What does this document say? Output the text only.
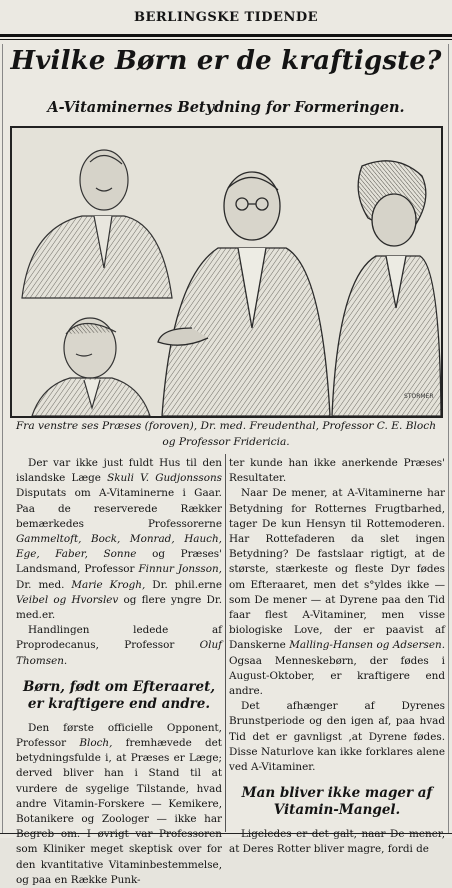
BERLINGSKE TIDENDE
Hvilke Børn er de kraftigste?
A-Vitaminernes Betydning for Formeringen.
STORMER
Fra venstre ses Præses (foroven), Dr. med. Freudenthal, Professor C. E. Bloch
og Professor Fridericia.

Der var ikke just fuldt Hus til den islandske Læge Skuli V. Gudjonssons Disputats om A-Vitaminerne i Gaar. Paa de reserverede Rækker bemærkedes Professorerne Gammeltoft, Bock, Monrad, Hauch, Ege, Faber, Sonne og Præses' Landsmand, Professor Finnur Jonsson, Dr. med. Marie Krogh, Dr. phil.erne Veibel og Hvorslev og flere yngre Dr. med.er.

Handlingen ledede af Proprodecanus, Professor Oluf Thomsen.

Børn, født om Efteraaret, er kraftigere end andre.

Den første officielle Opponent, Professor Bloch, fremhævede det betydningsfulde i, at Præses er Læge; derved bliver han i Stand til at vurdere de sygelige Tilstande, hvad andre Vitamin-Forskere — Kemikere, Botanikere og Zoologer — ikke har Begreb om. I øvrigt var Professoren som Kliniker meget skeptisk over for den kvantitative Vitaminbestemmelse, og paa en Række Punk-

ter kunde han ikke anerkende Præses' Resultater.

Naar De mener, at A-Vitaminerne har Betydning for Rotternes Frugtbarhed, tager De kun Hensyn til Rottemoderen. Har Rottefaderen da slet ingen Betydning? De fastslaar rigtigt, at de største, stærkeste og fleste Dyr fødes om Efteraaret, men det s°yldes ikke — som De mener — at Dyrene paa den Tid faar flest A-Vitaminer, men visse biologiske Love, der er paavist af Danskerne Malling-Hansen og Adsersen. Ogsaa Menneskebørn, der fødes i August-Oktober, er kraftigere end andre.

Det afhænger af Dyrenes Brunstperiode og den igen af, paa hvad Tid det er gavnligst ,at Dyrene fødes. Disse Naturlove kan ikke forklares alene ved A-Vitaminer.

Man bliver ikke mager af Vitamin-Mangel.

Ligeledes er det galt, naar De mener, at Deres Rotter bliver magre, fordi de
